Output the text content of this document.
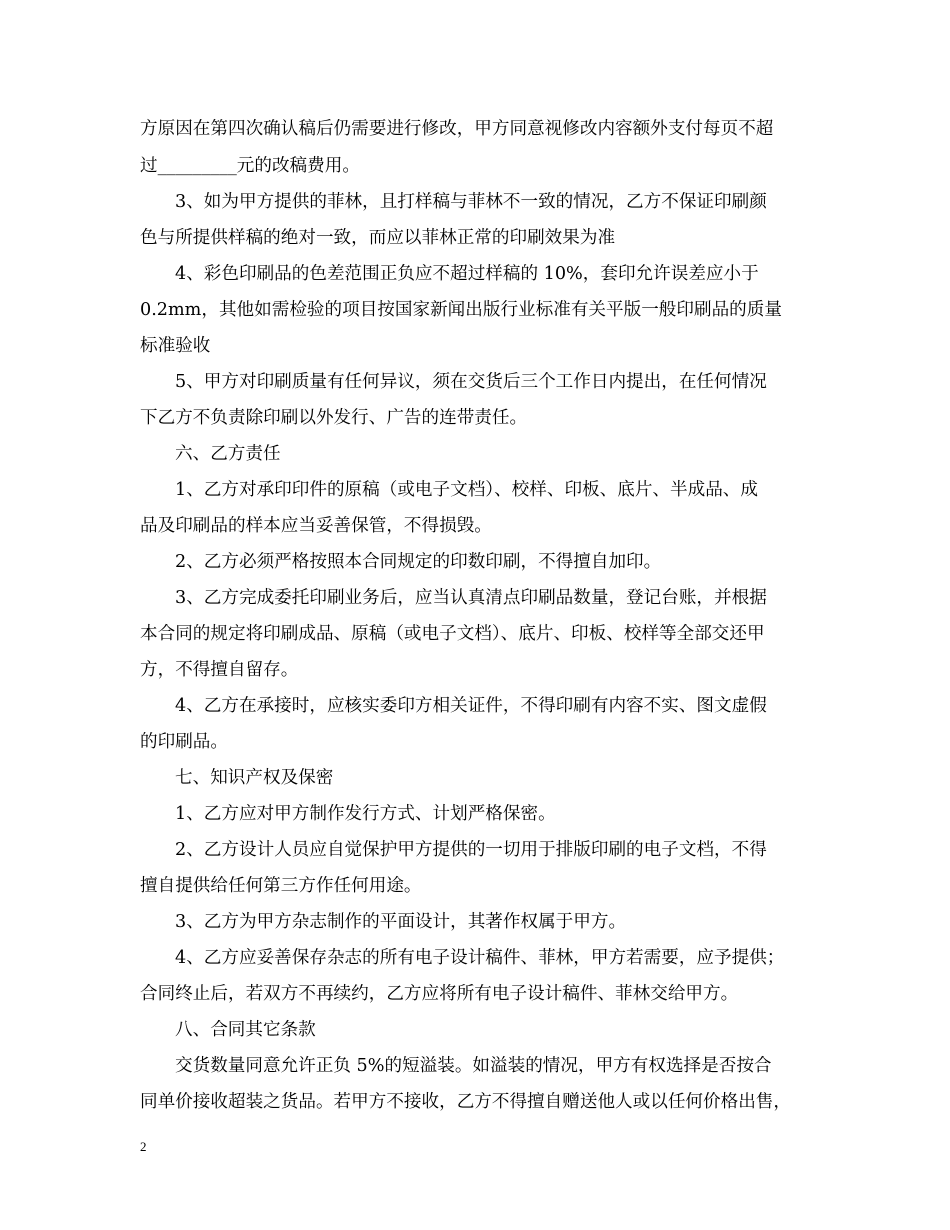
方原因在第四次确认稿后仍需要进行修改，甲方同意视修改内容额外支付每页不超
过_________元的改稿费用。
3、如为甲方提供的菲林，且打样稿与菲林不一致的情况，乙方不保证印刷颜
色与所提供样稿的绝对一致，而应以菲林正常的印刷效果为准
4、彩色印刷品的色差范围正负应不超过样稿的 10%，套印允许误差应小于
0.2mm，其他如需检验的项目按国家新闻出版行业标准有关平版一般印刷品的质量
标准验收
5、甲方对印刷质量有任何异议，须在交货后三个工作日内提出，在任何情况
下乙方不负责除印刷以外发行、广告的连带责任。
六、乙方责任
1、乙方对承印印件的原稿（或电子文档）、校样、印板、底片、半成品、成
品及印刷品的样本应当妥善保管，不得损毁。
2、乙方必须严格按照本合同规定的印数印刷，不得擅自加印。
3、乙方完成委托印刷业务后，应当认真清点印刷品数量，登记台账，并根据
本合同的规定将印刷成品、原稿（或电子文档）、底片、印板、校样等全部交还甲
方，不得擅自留存。
4、乙方在承接时，应核实委印方相关证件，不得印刷有内容不实、图文虚假
的印刷品。
七、知识产权及保密
1、乙方应对甲方制作发行方式、计划严格保密。
2、乙方设计人员应自觉保护甲方提供的一切用于排版印刷的电子文档，不得
擅自提供给任何第三方作任何用途。
3、乙方为甲方杂志制作的平面设计，其著作权属于甲方。
4、乙方应妥善保存杂志的所有电子设计稿件、菲林，甲方若需要，应予提供；
合同终止后，若双方不再续约，乙方应将所有电子设计稿件、菲林交给甲方。
八、合同其它条款
交货数量同意允许正负 5%的短溢装。如溢装的情况，甲方有权选择是否按合
同单价接收超装之货品。若甲方不接收，乙方不得擅自赠送他人或以任何价格出售，
2
